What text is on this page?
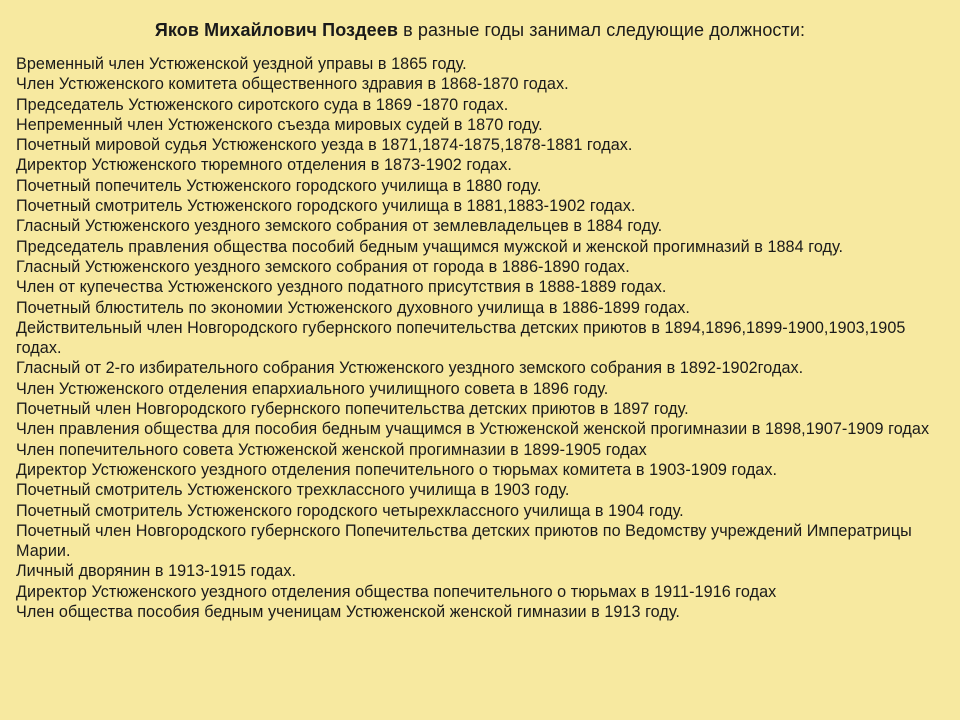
Яков Михайлович Поздеев в разные годы занимал следующие должности:
Временный член Устюженской уездной управы в 1865 году.
Член Устюженского комитета общественного здравия в 1868-1870 годах.
Председатель Устюженского сиротского суда в 1869 -1870 годах.
Непременный член Устюженского съезда мировых судей в 1870 году.
Почетный мировой судья Устюженского уезда в 1871,1874-1875,1878-1881 годах.
Директор Устюженского тюремного отделения в 1873-1902 годах.
Почетный попечитель Устюженского городского училища в 1880 году.
Почетный смотритель Устюженского городского училища в 1881,1883-1902 годах.
Гласный Устюженского уездного земского собрания от землевладельцев в 1884 году.
Председатель правления общества пособий бедным учащимся мужской и женской прогимназий в 1884 году.
Гласный Устюженского уездного земского собрания от города в 1886-1890 годах.
Член от купечества Устюженского уездного податного присутствия в 1888-1889 годах.
Почетный блюститель по экономии Устюженского духовного училища в 1886-1899 годах.
Действительный член Новгородского губернского попечительства детских приютов в 1894,1896,1899-1900,1903,1905 годах.
Гласный от 2-го избирательного собрания Устюженского уездного земского собрания в 1892-1902годах.
Член Устюженского отделения епархиального училищного совета в 1896 году.
Почетный член Новгородского губернского попечительства детских приютов в 1897 году.
Член правления общества для пособия бедным учащимся в Устюженской женской прогимназии в 1898,1907-1909 годах
Член попечительного совета Устюженской женской прогимназии в 1899-1905 годах
Директор Устюженского уездного отделения попечительного о тюрьмах комитета в 1903-1909 годах.
Почетный смотритель Устюженского трехклассного училища в 1903 году.
Почетный смотритель Устюженского городского четырехклассного училища в 1904 году.
Почетный член Новгородского губернского Попечительства детских приютов по Ведомству учреждений Императрицы Марии.
Личный дворянин в 1913-1915 годах.
Директор Устюженского уездного отделения общества попечительного о тюрьмах в 1911-1916 годах
Член общества пособия бедным ученицам Устюженской женской гимназии в 1913 году.
